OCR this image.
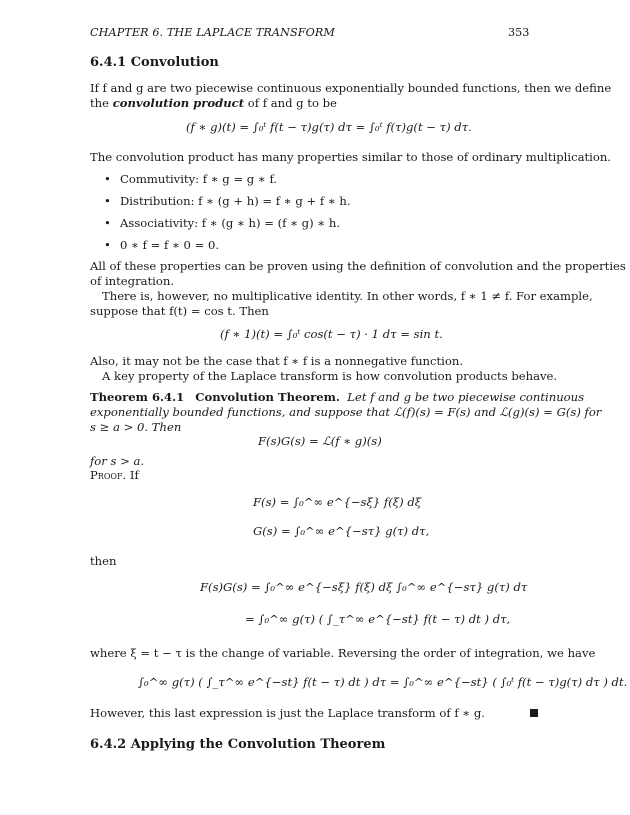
CHAPTER 6. THE LAPLACE TRANSFORM	353
6.4.1 Convolution
If f and g are two piecewise continuous exponentially bounded functions, then we define
the convolution product of f and g to be
(f ∗ g)(t) = ∫₀ᵗ f(t − τ)g(τ) dτ = ∫₀ᵗ f(τ)g(t − τ) dτ.
The convolution product has many properties similar to those of ordinary multiplication.
• Commutivity: f ∗ g = g ∗ f.
• Distribution: f ∗ (g + h) = f ∗ g + f ∗ h.
• Associativity: f ∗ (g ∗ h) = (f ∗ g) ∗ h.
• 0 ∗ f = f ∗ 0 = 0.
All of these properties can be proven using the definition of convolution and the properties
of integration.
There is, however, no multiplicative identity. In other words, f ∗ 1 ≠ f. For example,
suppose that f(t) = cos t. Then
(f ∗ 1)(t) = ∫₀ᵗ cos(t − τ) · 1 dτ = sin t.
Also, it may not be the case that f ∗ f is a nonnegative function.
A key property of the Laplace transform is how convolution products behave.
Theorem 6.4.1 Convolution Theorem. Let f and g be two piecewise continuous
exponentially bounded functions, and suppose that ℒ(f)(s) = F(s) and ℒ(g)(s) = G(s) for
s ≥ a > 0. Then
F(s)G(s) = ℒ(f ∗ g)(s)
for s > a.
Proof. If
F(s) = ∫₀^∞ e^{−sξ} f(ξ) dξ
G(s) = ∫₀^∞ e^{−sτ} g(τ) dτ,
then
F(s)G(s) = ∫₀^∞ e^{−sξ} f(ξ) dξ ∫₀^∞ e^{−sτ} g(τ) dτ
= ∫₀^∞ g(τ) ( ∫_τ^∞ e^{−st} f(t − τ) dt ) dτ,
where ξ = t − τ is the change of variable. Reversing the order of integration, we have
∫₀^∞ g(τ) ( ∫_τ^∞ e^{−st} f(t − τ) dt ) dτ = ∫₀^∞ e^{−st} ( ∫₀ᵗ f(t − τ)g(τ) dτ ) dt.
However, this last expression is just the Laplace transform of f ∗ g.
6.4.2 Applying the Convolution Theorem
